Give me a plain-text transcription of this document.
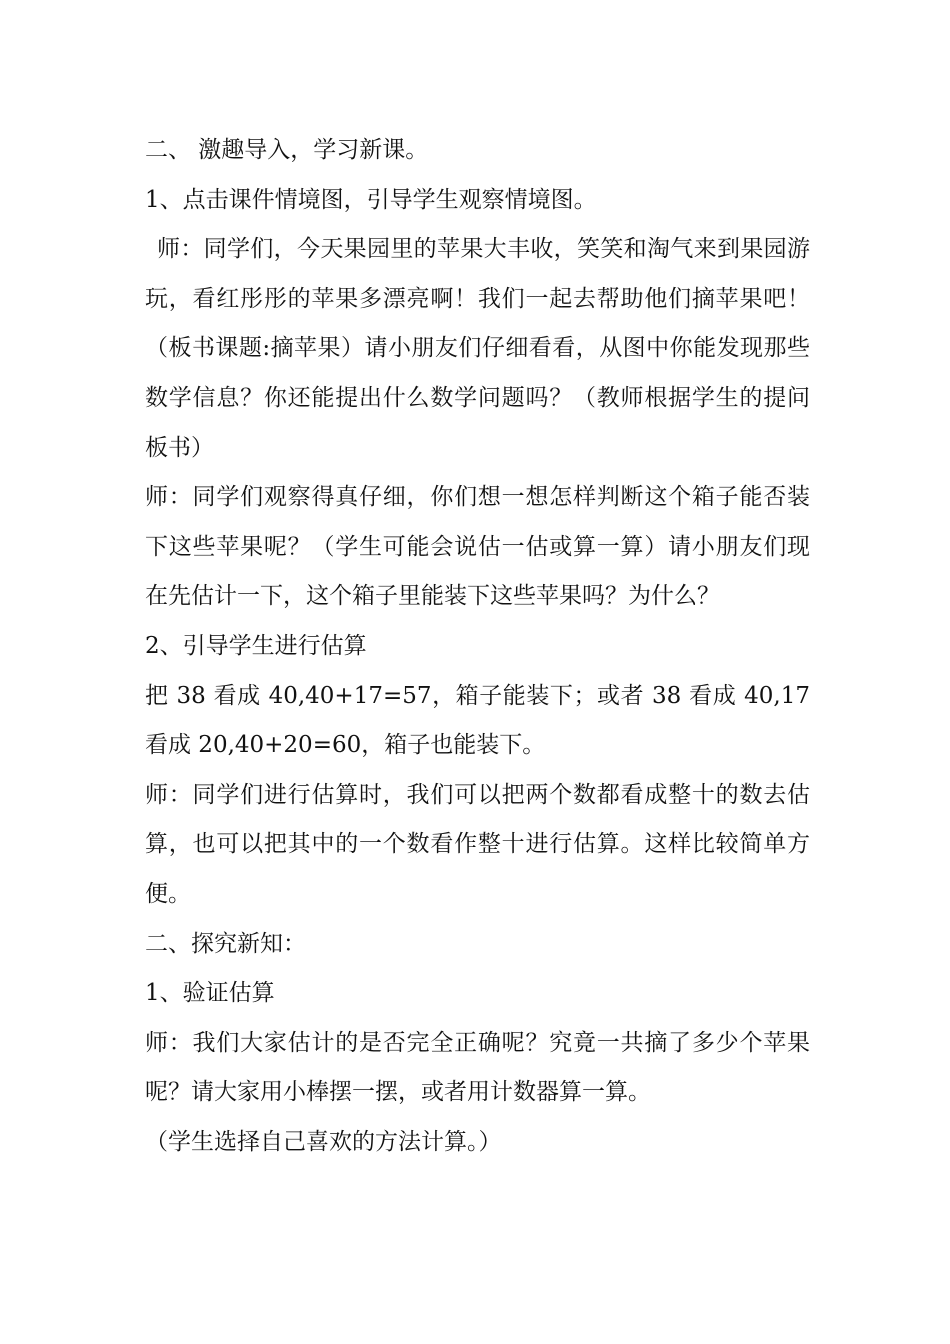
二、 激趣导入，学习新课。

1、点击课件情境图，引导学生观察情境图。

师：同学们，今天果园里的苹果大丰收，笑笑和淘气来到果园游玩，看红彤彤的苹果多漂亮啊！我们一起去帮助他们摘苹果吧！（板书课题:摘苹果）请小朋友们仔细看看，从图中你能发现那些数学信息？你还能提出什么数学问题吗？（教师根据学生的提问板书）

师：同学们观察得真仔细，你们想一想怎样判断这个箱子能否装下这些苹果呢？（学生可能会说估一估或算一算）请小朋友们现在先估计一下，这个箱子里能装下这些苹果吗？为什么？

2、引导学生进行估算

把 38 看成 40,40+17=57，箱子能装下；或者 38 看成 40,17 看成 20,40+20=60，箱子也能装下。

师：同学们进行估算时，我们可以把两个数都看成整十的数去估算，也可以把其中的一个数看作整十进行估算。这样比较简单方便。

二、探究新知：

1、验证估算

师：我们大家估计的是否完全正确呢？究竟一共摘了多少个苹果呢？请大家用小棒摆一摆，或者用计数器算一算。

（学生选择自己喜欢的方法计算。）
